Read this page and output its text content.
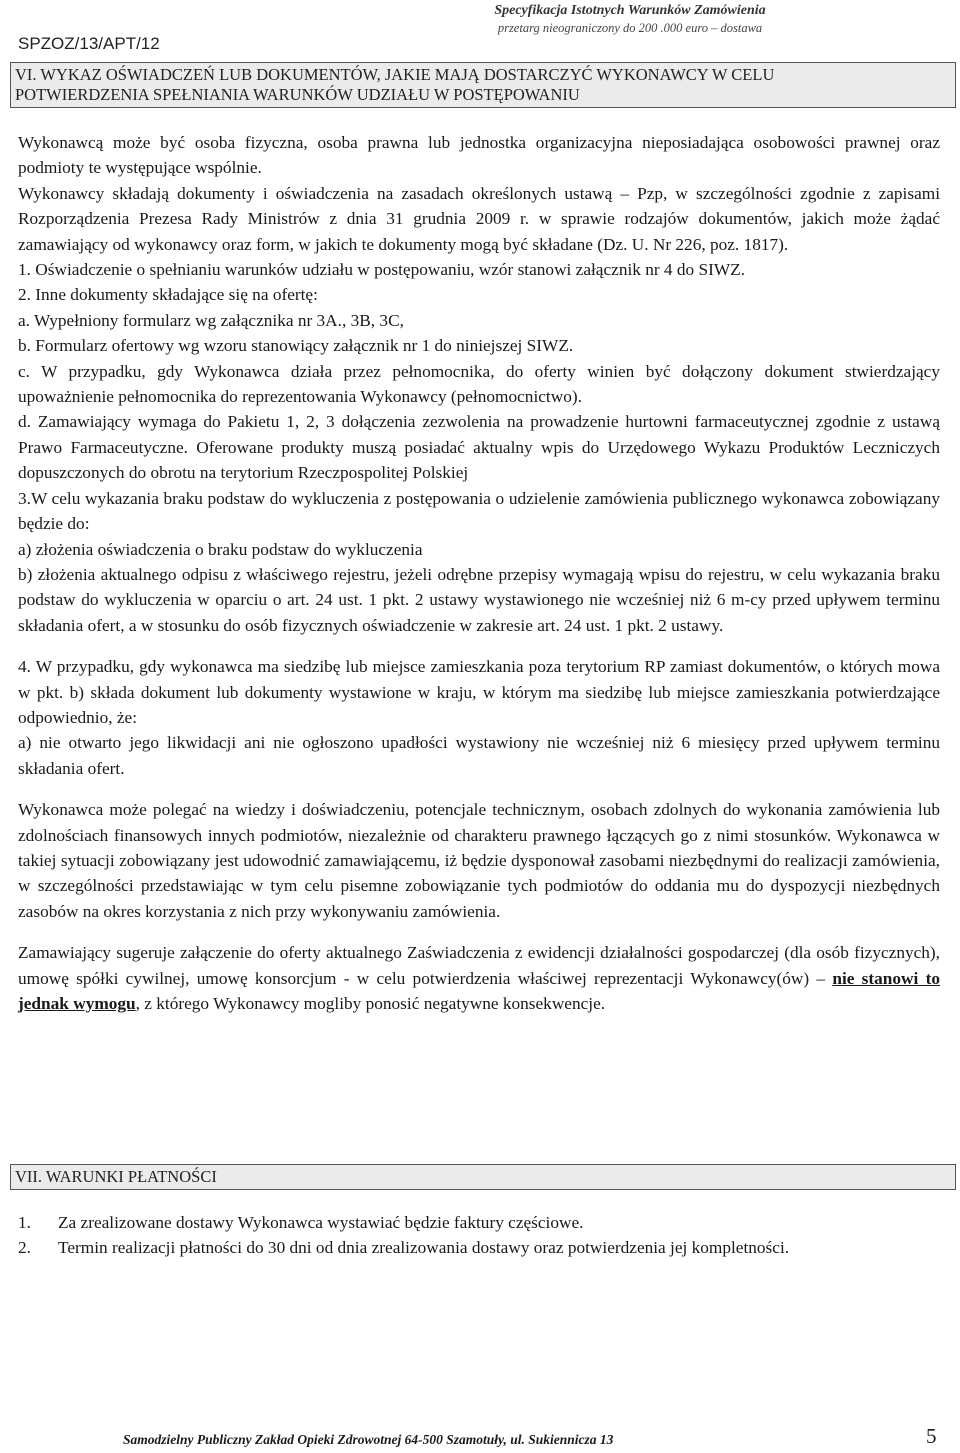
SPZOZ/13/APT/12
Specyfikacja Istotnych Warunków Zamówienia
przetarg nieograniczony do 200 .000 euro – dostawa
VI. WYKAZ OŚWIADCZEŃ LUB DOKUMENTÓW, JAKIE MAJĄ DOSTARCZYĆ WYKONAWCY W CELU
POTWIERDZENIA SPEŁNIANIA WARUNKÓW UDZIAŁU W POSTĘPOWANIU

Wykonawcą może być osoba fizyczna, osoba prawna lub jednostka organizacyjna nieposiadająca osobowości prawnej oraz podmioty te występujące wspólnie.

Wykonawcy składają dokumenty i oświadczenia na zasadach określonych ustawą – Pzp, w szczególności zgodnie z zapisami Rozporządzenia Prezesa Rady Ministrów z dnia 31 grudnia 2009 r. w sprawie rodzajów dokumentów, jakich może żądać zamawiający od wykonawcy oraz form, w jakich te dokumenty mogą być składane (Dz. U. Nr 226, poz. 1817).

1. Oświadczenie o spełnianiu warunków udziału w postępowaniu, wzór stanowi załącznik nr 4 do SIWZ.

2. Inne dokumenty składające się na ofertę:

a. Wypełniony formularz wg załącznika nr 3A., 3B, 3C,

b. Formularz ofertowy wg wzoru stanowiący załącznik nr 1 do niniejszej SIWZ.

c. W przypadku, gdy Wykonawca działa przez pełnomocnika, do oferty winien być dołączony dokument stwierdzający upoważnienie pełnomocnika do reprezentowania Wykonawcy (pełnomocnictwo).

d. Zamawiający wymaga do Pakietu 1, 2, 3 dołączenia zezwolenia na prowadzenie hurtowni farmaceutycznej zgodnie z ustawą Prawo Farmaceutyczne. Oferowane produkty muszą posiadać aktualny wpis do Urzędowego Wykazu Produktów Leczniczych dopuszczonych do obrotu na terytorium Rzeczpospolitej Polskiej

3.W celu wykazania braku podstaw do wykluczenia z postępowania o udzielenie zamówienia publicznego wykonawca zobowiązany będzie do:

a) złożenia oświadczenia o braku podstaw do wykluczenia

b) złożenia aktualnego odpisu z właściwego rejestru, jeżeli odrębne przepisy wymagają wpisu do rejestru, w celu wykazania braku podstaw do wykluczenia w oparciu o art. 24 ust. 1 pkt. 2 ustawy wystawionego nie wcześniej niż 6 m-cy przed upływem terminu składania ofert, a w stosunku do osób fizycznych oświadczenie w zakresie art. 24 ust. 1 pkt. 2 ustawy.

4. W przypadku, gdy wykonawca ma siedzibę lub miejsce zamieszkania poza terytorium RP zamiast dokumentów, o których mowa w pkt. b) składa dokument lub dokumenty wystawione w kraju, w którym ma siedzibę lub miejsce zamieszkania potwierdzające odpowiednio, że:

a) nie otwarto jego likwidacji ani nie ogłoszono upadłości wystawiony nie wcześniej niż 6 miesięcy przed upływem terminu składania ofert.

Wykonawca może polegać na wiedzy i doświadczeniu, potencjale technicznym, osobach zdolnych do wykonania zamówienia lub zdolnościach finansowych innych podmiotów, niezależnie od charakteru prawnego łączących go z nimi stosunków. Wykonawca w takiej sytuacji zobowiązany jest udowodnić zamawiającemu, iż będzie dysponował zasobami niezbędnymi do realizacji zamówienia, w szczególności przedstawiając w tym celu pisemne zobowiązanie tych podmiotów do oddania mu do dyspozycji niezbędnych zasobów na okres korzystania z nich przy wykonywaniu zamówienia.

Zamawiający sugeruje załączenie do oferty aktualnego Zaświadczenia z ewidencji działalności gospodarczej (dla osób fizycznych), umowę spółki cywilnej, umowę konsorcjum - w celu potwierdzenia właściwej reprezentacji Wykonawcy(ów) – nie stanowi to jednak wymogu, z którego Wykonawcy mogliby ponosić negatywne konsekwencje.

VII. WARUNKI PŁATNOŚCI
1.	Za zrealizowane dostawy Wykonawca wystawiać będzie faktury częściowe.
2.	Termin realizacji płatności do 30 dni od dnia zrealizowania dostawy oraz potwierdzenia jej kompletności.
Samodzielny Publiczny Zakład Opieki Zdrowotnej 64-500 Szamotuły, ul. Sukiennicza 13	5
